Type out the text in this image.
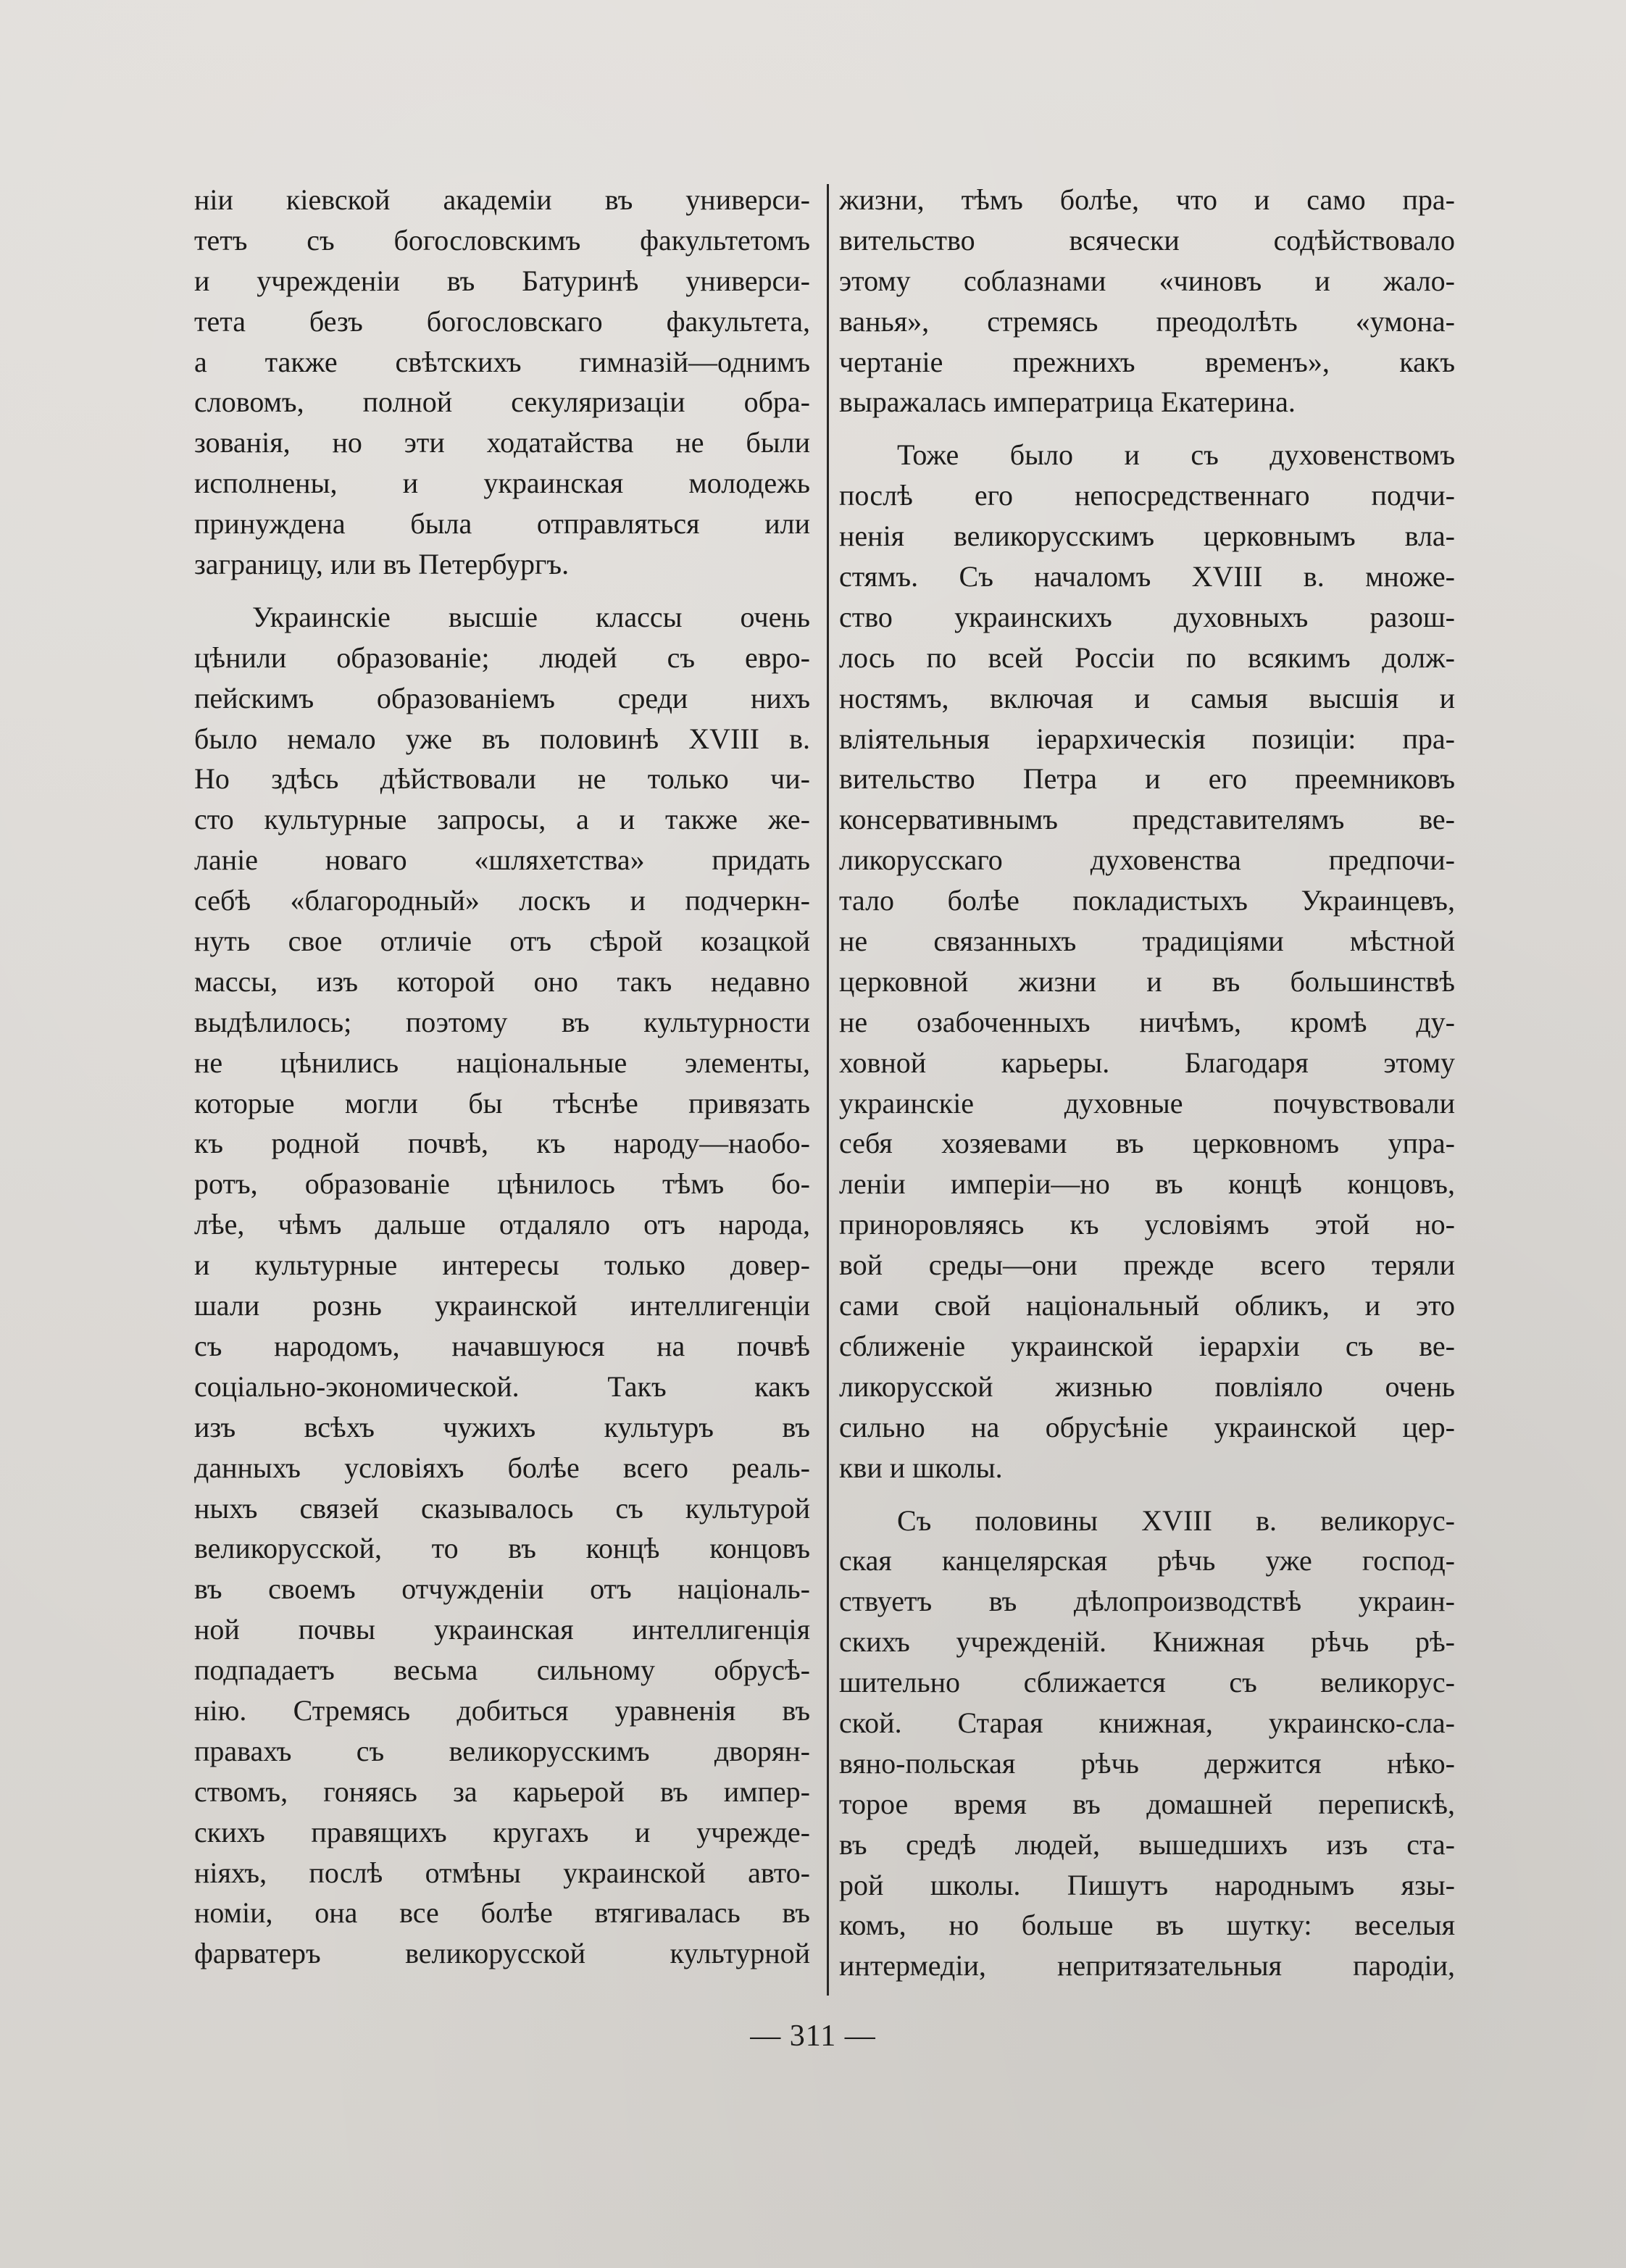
нiи кiевской академiи въ универси-
тетъ съ богословскимъ факультетомъ
и учрежденiи въ Батуринѣ универси-
тета безъ богословскаго факультета,
а также свѣтскихъ гимназiй—однимъ
словомъ, полной секуляризацiи обра-
зованiя, но эти ходатайства не были
исполнены, и украинская молодежь
принуждена была отправляться или
заграницу, или въ Петербургъ.
Украинскiе высшiе классы очень
цѣнили образованiе; людей съ евро-
пейскимъ образованiемъ среди нихъ
было немало уже въ половинѣ XVIII в.
Но здѣсь дѣйствовали не только чи-
сто культурные запросы, а и также же-
ланiе новаго «шляхетства» придать
себѣ «благородный» лоскъ и подчеркн-
нуть свое отличiе отъ сѣрой козацкой
массы, изъ которой оно такъ недавно
выдѣлилось; поэтому въ культурности
не цѣнились нацiональные элементы,
которые могли бы тѣснѣе привязать
къ родной почвѣ, къ народу—наобо-
ротъ, образованiе цѣнилось тѣмъ бо-
лѣе, чѣмъ дальше отдаляло отъ народа,
и культурные интересы только довер-
шали рознь украинской интеллигенцiи
съ народомъ, начавшуюся на почвѣ
соцiально-экономической. Такъ какъ
изъ всѣхъ чужихъ культуръ въ
данныхъ условiяхъ болѣе всего реаль-
ныхъ связей сказывалось съ культурой
великорусской, то въ концѣ концовъ
въ своемъ отчужденiи отъ нацiональ-
ной почвы украинская интеллигенцiя
подпадаетъ весьма сильному обрусѣ-
нiю. Стремясь добиться уравненiя въ
правахъ съ великорусскимъ дворян-
ствомъ, гоняясь за карьерой въ импер-
скихъ правящихъ кругахъ и учрежде-
нiяхъ, послѣ отмѣны украинской авто-
номiи, она все болѣе втягивалась въ
фарватеръ великорусской культурной
жизни, тѣмъ болѣе, что и само пра-
вительство всячески содѣйствовало
этому соблазнами «чиновъ и жало-
ванья», стремясь преодолѣть «умона-
чертанiе прежнихъ временъ», какъ
выражалась императрица Екатерина.
Тоже было и съ духовенствомъ
послѣ его непосредственнаго подчи-
ненiя великорусскимъ церковнымъ вла-
стямъ. Съ началомъ XVIII в. множе-
ство украинскихъ духовныхъ разош-
лось по всей Россiи по всякимъ долж-
ностямъ, включая и самыя высшiя и
влiятельныя iерархическiя позицiи: пра-
вительство Петра и его преемниковъ
консервативнымъ представителямъ ве-
ликорусскаго духовенства предпочи-
тало болѣе покладистыхъ Украинцевъ,
не связанныхъ традицiями мѣстной
церковной жизни и въ большинствѣ
не озабоченныхъ ничѣмъ, кромѣ ду-
ховной карьеры. Благодаря этому
украинскiе духовные почувствовали
себя хозяевами въ церковномъ упра-
ленiи имперiи—но въ концѣ концовъ,
приноровляясь къ условiямъ этой но-
вой среды—они прежде всего теряли
сами свой нацiональный обликъ, и это
сближенiе украинской iерархiи съ ве-
ликорусской жизнью повлiяло очень
сильно на обрусѣнiе украинской цер-
кви и школы.
Съ половины XVIII в. великорус-
ская канцелярская рѣчь уже господ-
ствуетъ въ дѣлопроизводствѣ украин-
скихъ учрежденiй. Книжная рѣчь рѣ-
шительно сближается съ великорус-
ской. Старая книжная, украинско-сла-
вяно-польская рѣчь держится нѣко-
торое время въ домашней перепискѣ,
въ средѣ людей, вышедшихъ изъ ста-
рой школы. Пишутъ народнымъ язы-
комъ, но больше въ шутку: веселыя
интермедiи, непритязательныя пародiи,
— 311 —
